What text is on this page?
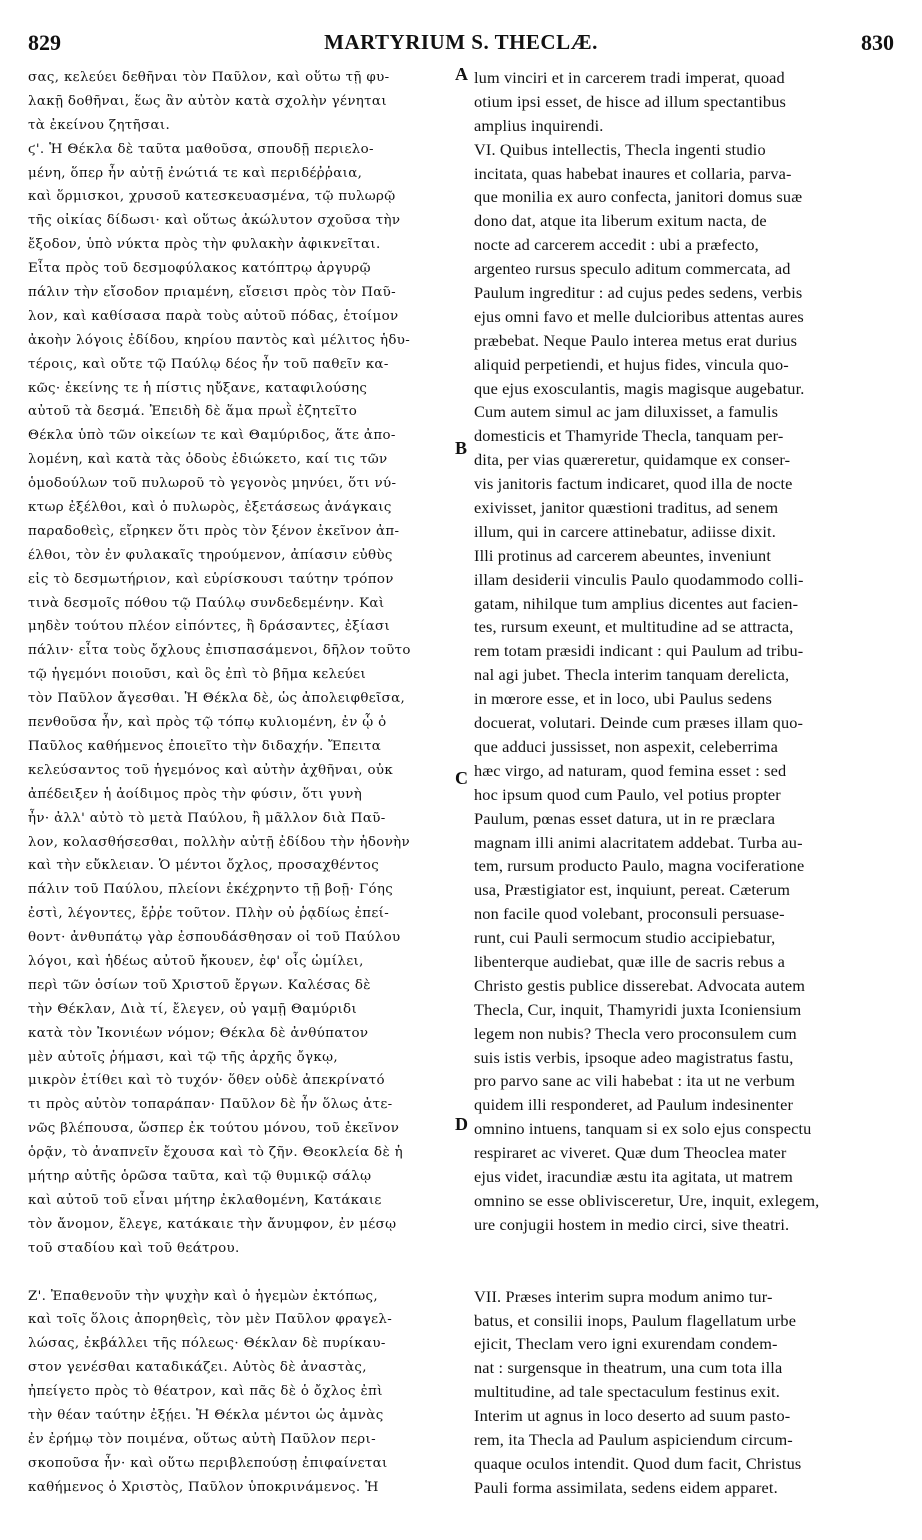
829	MARTYRIUM S. THECLÆ.	830
σας, κελεύει δεθῆναι τὸν Παῦλον, καὶ οὕτω τῇ φυ-
λακῇ δοθῆναι, ἕως ἂν αὐτὸν κατὰ σχολὴν γένηται
τὰ ἐκείνου ζητῆσαι.
ϛ'. Ἡ Θέκλα δὲ ταῦτα μαθοῦσα, σπουδῇ περιελο-
μένη, ὅπερ ἦν αὐτῇ ἐνώτιά τε καὶ περιδέῤῥαια,
καὶ ὅρμισκοι, χρυσοῦ κατεσκευασμένα, τῷ πυλωρῷ
τῆς οἰκίας δίδωσι· καὶ οὕτως ἀκώλυτον σχοῦσα τὴν
ἔξοδον, ὑπὸ νύκτα πρὸς τὴν φυλακὴν ἀφικνεῖται.
Εἶτα πρὸς τοῦ δεσμοφύλακος κατόπτρῳ ἀργυρῷ
πάλιν τὴν εἴσοδον πριαμένη, εἴσεισι πρὸς τὸν Παῦ-
λον, καὶ καθίσασα παρὰ τοὺς αὐτοῦ πόδας, ἑτοίμον
ἀκοὴν λόγοις ἐδίδου, κηρίου παντὸς καὶ μέλιτος ἡδυ-
τέροις, καὶ οὔτε τῷ Παύλῳ δέος ἦν τοῦ παθεῖν κα-
κῶς· ἐκείνης τε ἡ πίστις ηὔξανε, καταφιλούσης
αὐτοῦ τὰ δεσμά. Ἐπειδὴ δὲ ἅμα πρωῒ ἐζητεῖτο
Θέκλα ὑπὸ τῶν οἰκείων τε καὶ Θαμύριδος, ἅτε ἀπο-
λομένη, καὶ κατὰ τὰς ὁδοὺς ἐδιώκετο, καί τις τῶν
ὁμοδούλων τοῦ πυλωροῦ τὸ γεγονὸς μηνύει, ὅτι νύ-
κτωρ ἐξέλθοι, καὶ ὁ πυλωρὸς, ἐξετάσεως ἀνάγκαις
παραδοθεὶς, εἴρηκεν ὅτι πρὸς τὸν ξένον ἐκεῖνον ἀπ-
έλθοι, τὸν ἐν φυλακαῖς τηρούμενον, ἀπίασιν εὐθὺς
εἰς τὸ δεσμωτήριον, καὶ εὑρίσκουσι ταύτην τρόπον
τινὰ δεσμοῖς πόθου τῷ Παύλῳ συνδεδεμένην. Καὶ
μηδὲν τούτου πλέον εἰπόντες, ἢ δράσαντες, ἐξίασι
πάλιν· εἶτα τοὺς ὄχλους ἐπισπασάμενοι, δῆλον τοῦτο
τῷ ἡγεμόνι ποιοῦσι, καὶ ὃς ἐπὶ τὸ βῆμα κελεύει
τὸν Παῦλον ἄγεσθαι. Ἡ Θέκλα δὲ, ὡς ἀπολειφθεῖσα,
πενθοῦσα ἦν, καὶ πρὸς τῷ τόπῳ κυλιομένη, ἐν ᾧ ὁ
Παῦλος καθήμενος ἐποιεῖτο τὴν διδαχήν. Ἔπειτα
κελεύσαντος τοῦ ἡγεμόνος καὶ αὐτὴν ἀχθῆναι, οὐκ
ἀπέδειξεν ἡ ἀοίδιμος πρὸς τὴν φύσιν, ὅτι γυνὴ
ἦν· ἀλλ' αὐτὸ τὸ μετὰ Παύλου, ἢ μᾶλλον διὰ Παῦ-
λον, κολασθήσεσθαι, πολλὴν αὐτῇ ἐδίδου τὴν ἡδονὴν
καὶ τὴν εὔκλειαν. Ὁ μέντοι ὄχλος, προσαχθέντος
πάλιν τοῦ Παύλου, πλείονι ἐκέχρηντο τῇ βοῇ· Γόης
ἐστὶ, λέγοντες, ἔῤῥε τοῦτον. Πλὴν οὐ ῥᾳδίως ἐπεί-
θοντ· ἀνθυπάτῳ γὰρ ἐσπουδάσθησαν οἱ τοῦ Παύλου
λόγοι, καὶ ἡδέως αὐτοῦ ἤκουεν, ἐφ' οἷς ὡμίλει,
περὶ τῶν ὁσίων τοῦ Χριστοῦ ἔργων. Καλέσας δὲ
τὴν Θέκλαν, Διὰ τί, ἔλεγεν, οὐ γαμῇ Θαμύριδι
κατὰ τὸν Ἰκονιέων νόμον; Θέκλα δὲ ἀνθύπατον
μὲν αὐτοῖς ῥήμασι, καὶ τῷ τῆς ἀρχῆς ὄγκῳ,
μικρὸν ἐτίθει καὶ τὸ τυχόν· ὅθεν οὐδὲ ἀπεκρίνατό
τι πρὸς αὐτὸν τοπαράπαν· Παῦλον δὲ ἦν ὅλως ἀτε-
νῶς βλέπουσα, ὥσπερ ἐκ τούτου μόνου, τοῦ ἐκεῖνον
ὁρᾷν, τὸ ἀναπνεῖν ἔχουσα καὶ τὸ ζῆν. Θεοκλεία δὲ ἡ
μήτηρ αὐτῆς ὁρῶσα ταῦτα, καὶ τῷ θυμικῷ σάλῳ
καὶ αὐτοῦ τοῦ εἶναι μήτηρ ἐκλαθομένη, Κατάκαιε
τὸν ἄνομον, ἔλεγε, κατάκαιε τὴν ἄνυμφον, ἐν μέσῳ
τοῦ σταδίου καὶ τοῦ θεάτρου.
Ζ'. Ἐπαθενοῦν τὴν ψυχὴν καὶ ὁ ἡγεμὼν ἐκτόπως,
καὶ τοῖς ὅλοις ἀπορηθεὶς, τὸν μὲν Παῦλον φραγελ-
λώσας, ἐκβάλλει τῆς πόλεως· Θέκλαν δὲ πυρίκαυ-
στον γενέσθαι καταδικάζει. Αὐτὸς δὲ ἀναστὰς,
ἠπείγετο πρὸς τὸ θέατρον, καὶ πᾶς δὲ ὁ ὄχλος ἐπὶ
τὴν θέαν ταύτην ἐξῄει. Ἡ Θέκλα μέντοι ὡς ἀμνὰς
ἐν ἐρήμῳ τὸν ποιμένα, οὕτως αὐτὴ Παῦλον περι-
σκοποῦσα ἦν· καὶ οὕτω περιβλεπούσῃ ἐπιφαίνεται
καθήμενος ὁ Χριστὸς, Παῦλον ὑποκρινάμενος. Ἡ
lum vinciri et in carcerem tradi imperat, quoad
otium ipsi esset, de hisce ad illum spectantibus
amplius inquirendi.
VI. Quibus intellectis, Thecla ingenti studio
incitata, quas habebat inaures et collaria, parva-
que monilia ex auro confecta, janitori domus suæ
dono dat, atque ita liberum exitum nacta, de
nocte ad carcerem accedit : ubi a præfecto,
argenteo rursus speculo aditum commercata, ad
Paulum ingreditur : ad cujus pedes sedens, verbis
ejus omni favo et melle dulcioribus attentas aures
præbebat. Neque Paulo interea metus erat durius
aliquid perpetiendi, et hujus fides, vincula quo-
que ejus exosculantis, magis magisque augebatur.
Cum autem simul ac jam diluxisset, a famulis
domesticis et Thamyride Thecla, tanquam per-
dita, per vias quæreretur, quidamque ex conser-
vis janitoris factum indicaret, quod illa de nocte
exivisset, janitor quæstioni traditus, ad senem
illum, qui in carcere attinebatur, adiisse dixit.
Illi protinus ad carcerem abeuntes, inveniunt
illam desiderii vinculis Paulo quodammodo colli-
gatam, nihilque tum amplius dicentes aut facien-
tes, rursum exeunt, et multitudine ad se attracta,
rem totam præsidi indicant : qui Paulum ad tribu-
nal agi jubet. Thecla interim tanquam derelicta,
in mœrore esse, et in loco, ubi Paulus sedens
docuerat, volutari. Deinde cum præses illam quo-
que adduci jussisset, non aspexit, celeberrima
hæc virgo, ad naturam, quod femina esset : sed
hoc ipsum quod cum Paulo, vel potius propter
Paulum, pœnas esset datura, ut in re præclara
magnam illi animi alacritatem addebat. Turba au-
tem, rursum producto Paulo, magna vociferatione
usa, Præstigiator est, inquiunt, pereat. Cæterum
non facile quod volebant, proconsuli persuase-
runt, cui Pauli sermocum studio accipiebatur,
libenterque audiebat, quæ ille de sacris rebus a
Christo gestis publice disserebat. Advocata autem
Thecla, Cur, inquit, Thamyridi juxta Iconiensium
legem non nubis? Thecla vero proconsulem cum
suis istis verbis, ipsoque adeo magistratus fastu,
pro parvo sane ac vili habebat : ita ut ne verbum
quidem illi responderet, ad Paulum indesinenter
omnino intuens, tanquam si ex solo ejus conspectu
respiraret ac viveret. Quæ dum Theoclea mater
ejus videt, iracundiæ æstu ita agitata, ut matrem
omnino se esse oblivisceretur, Ure, inquit, exlegem,
ure conjugii hostem in medio circi, sive theatri.
VII. Præses interim supra modum animo tur-
batus, et consilii inops, Paulum flagellatum urbe
ejicit, Theclam vero igni exurendam condem-
nat : surgensque in theatrum, una cum tota illa
multitudine, ad tale spectaculum festinus exit.
Interim ut agnus in loco deserto ad suum pasto-
rem, ita Thecla ad Paulum aspiciendum circum-
quaque oculos intendit. Quod dum facit, Christus
Pauli forma assimilata, sedens eidem apparet.
A
B
C
D
